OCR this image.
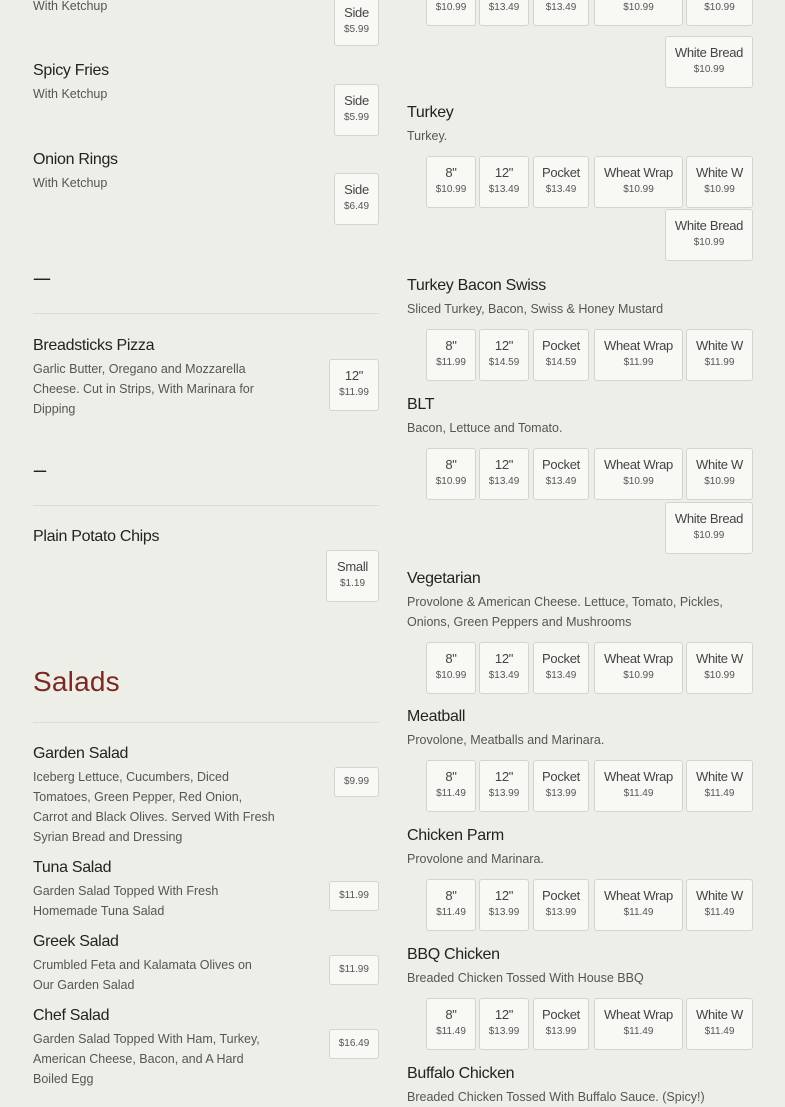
With Ketchup	Side
$5.99
Spicy Fries
With Ketchup	Side
$5.99
Onion Rings
With Ketchup	Side
$6.49
----
Breadsticks Pizza
Garlic Butter, Oregano and Mozzarella Cheese. Cut in Strips, With Marinara for Dipping
12"
$11.99
---
Plain Potato Chips
Small
$1.19
Salads
Garden Salad
Iceberg Lettuce, Cucumbers, Diced Tomatoes, Green Pepper, Red Onion, Carrot and Black Olives. Served With Fresh Syrian Bread and Dressing
$9.99
Tuna Salad
Garden Salad Topped With Fresh Homemade Tuna Salad
$11.99
Greek Salad
Crumbled Feta and Kalamata Olives on Our Garden Salad
$11.99
Chef Salad
Garden Salad Topped With Ham, Turkey, American Cheese, Bacon, and A Hard Boiled Egg
$16.49
$10.99	$13.49	$13.49	$10.99	$10.99
White Bread
$10.99
Turkey
Turkey.
8"
$10.99
12"
$13.49
Pocket
$13.49
Wheat Wrap
$10.99
White W
$10.99
White Bread
$10.99
Turkey Bacon Swiss
Sliced Turkey, Bacon, Swiss & Honey Mustard
8"
$11.99
12"
$14.59
Pocket
$14.59
Wheat Wrap
$11.99
White W
$11.99
BLT
Bacon, Lettuce and Tomato.
8"
$10.99
12"
$13.49
Pocket
$13.49
Wheat Wrap
$10.99
White W
$10.99
White Bread
$10.99
Vegetarian
Provolone & American Cheese. Lettuce, Tomato, Pickles, Onions, Green Peppers and Mushrooms
8"
$10.99
12"
$13.49
Pocket
$13.49
Wheat Wrap
$10.99
White W
$10.99
Meatball
Provolone, Meatballs and Marinara.
8"
$11.49
12"
$13.99
Pocket
$13.99
Wheat Wrap
$11.49
White W
$11.49
Chicken Parm
Provolone and Marinara.
8"
$11.49
12"
$13.99
Pocket
$13.99
Wheat Wrap
$11.49
White W
$11.49
BBQ Chicken
Breaded Chicken Tossed With House BBQ
8"
$11.49
12"
$13.99
Pocket
$13.99
Wheat Wrap
$11.49
White W
$11.49
Buffalo Chicken
Breaded Chicken Tossed With Buffalo Sauce. (Spicy!)
